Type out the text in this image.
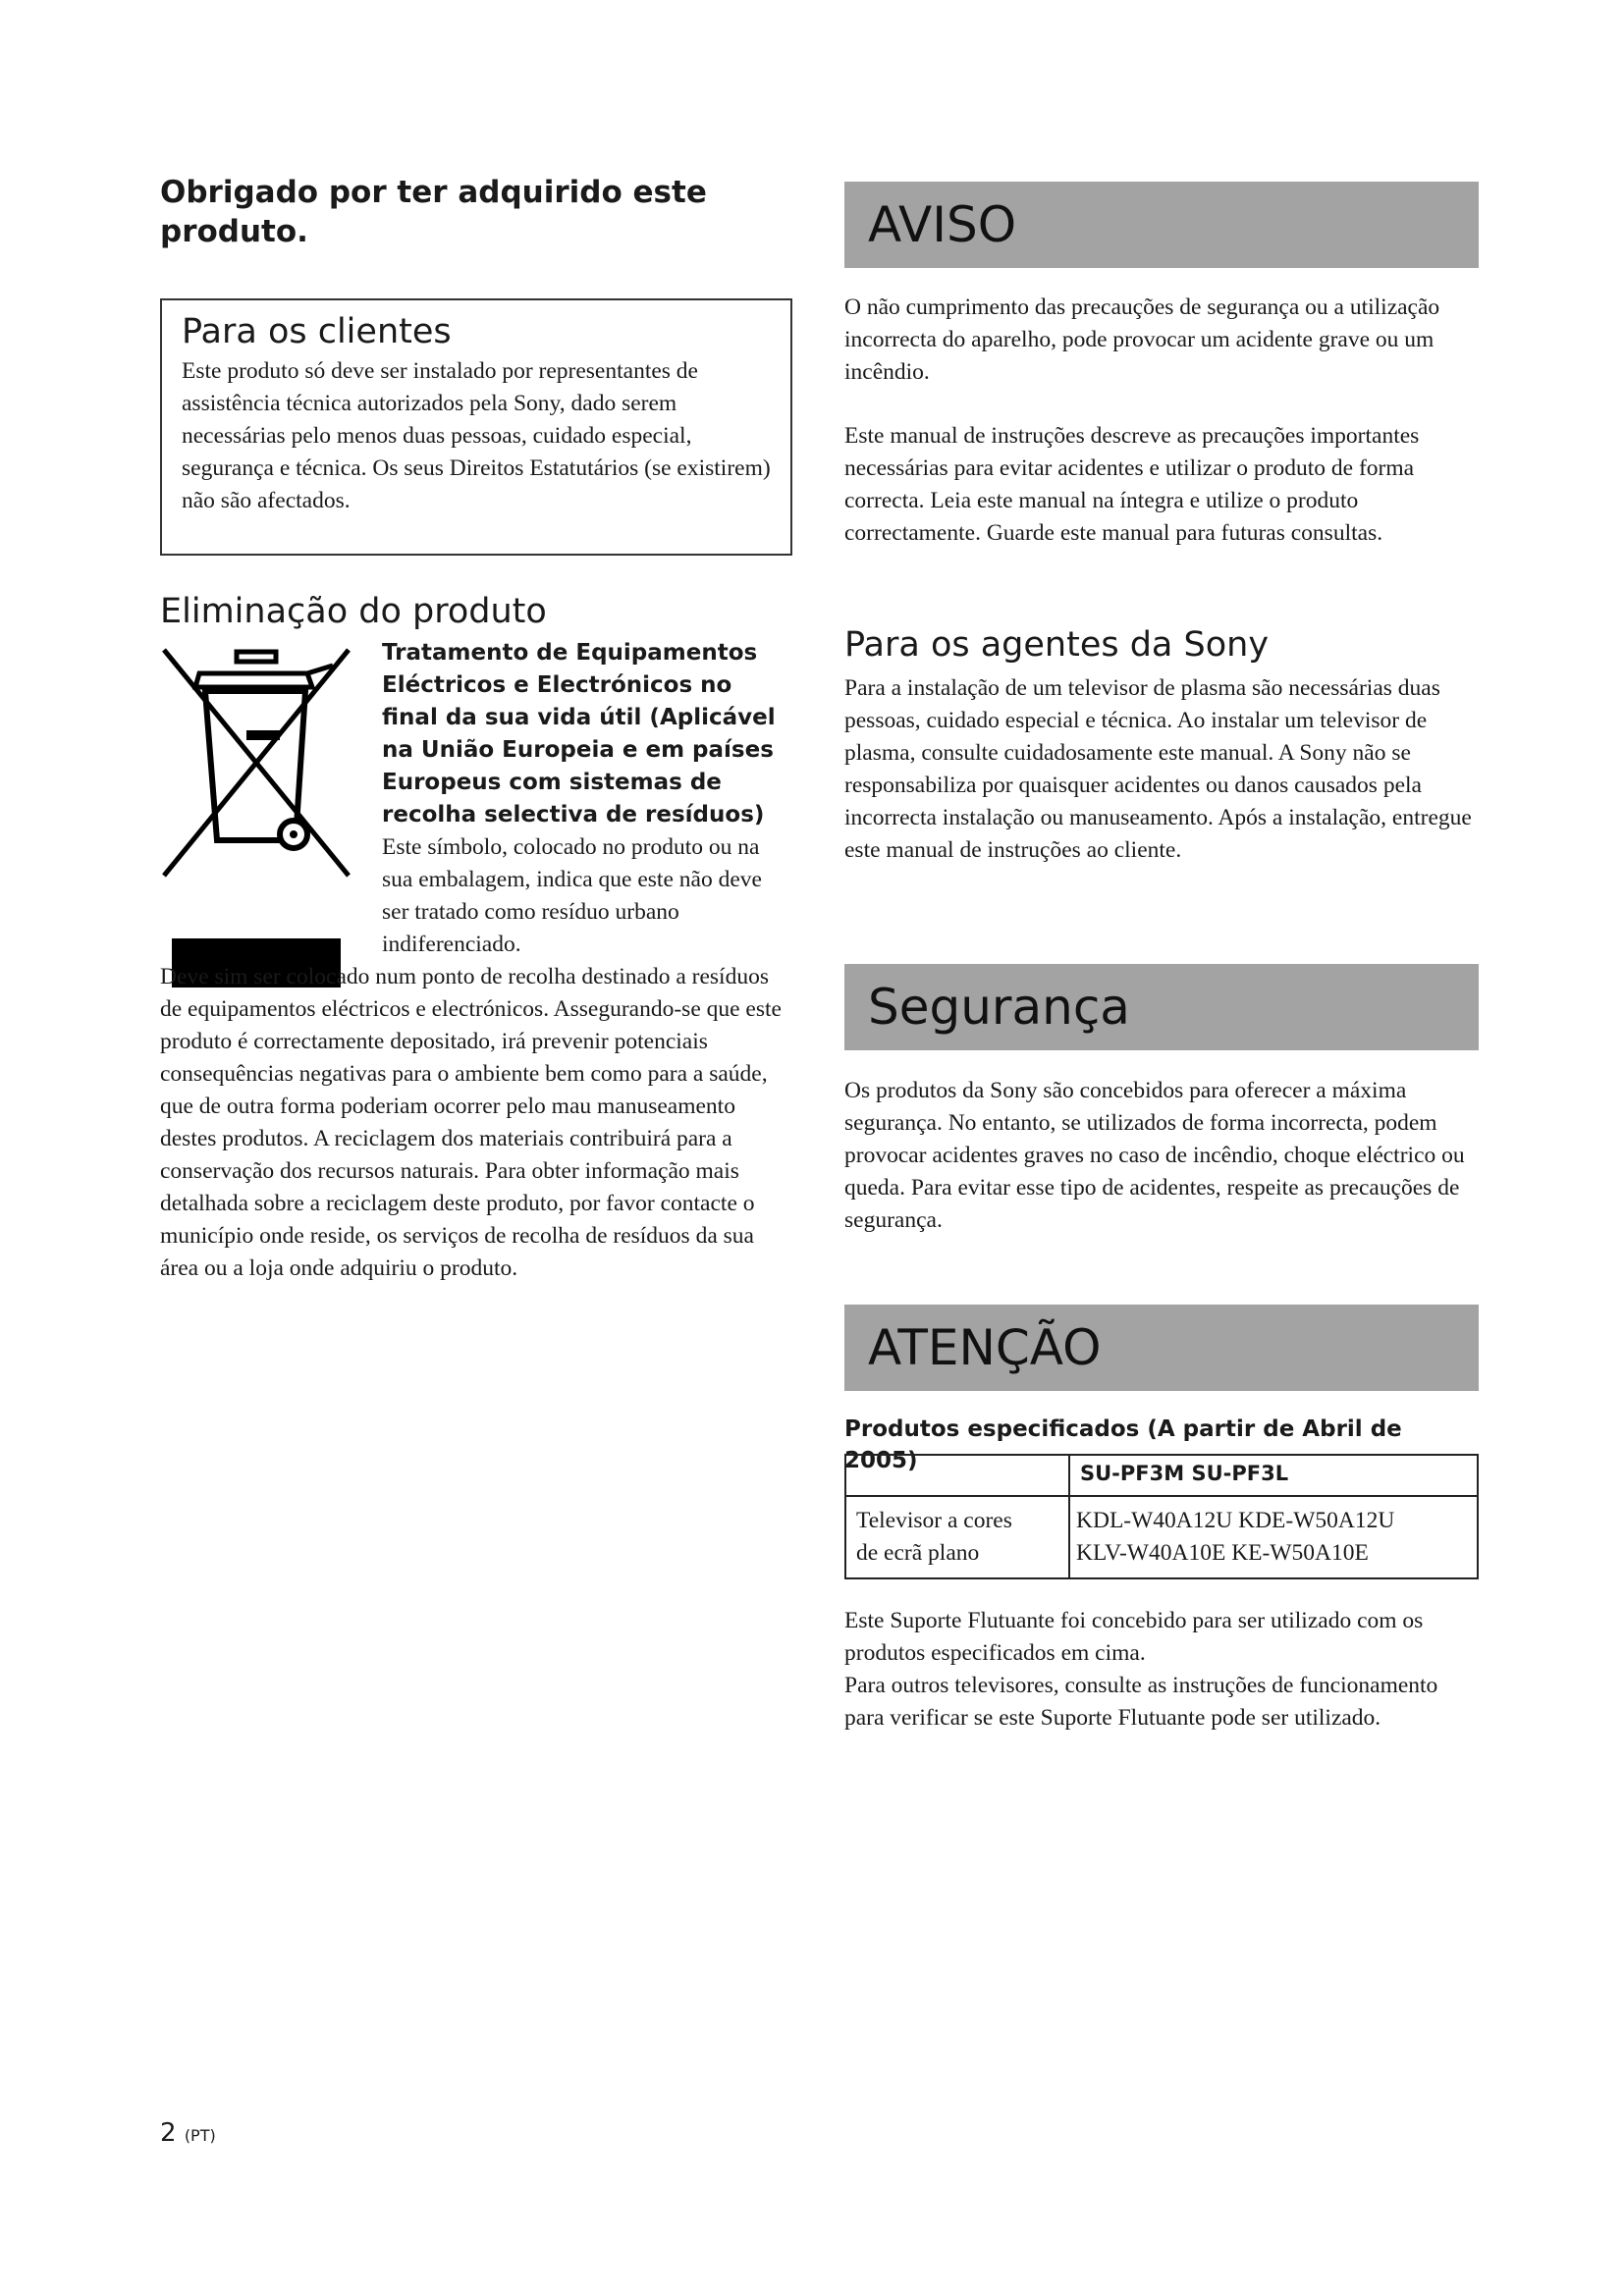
Obrigado por ter adquirido este produto.
Para os clientes

Este produto só deve ser instalado por representantes de assistência técnica autorizados pela Sony, dado serem necessárias pelo menos duas pessoas, cuidado especial, segurança e técnica. Os seus Direitos Estatutários (se existirem) não são afectados.

Eliminação do produto

Tratamento de Equipamentos Eléctricos e Electrónicos no final da sua vida útil (Aplicável na União Europeia e em países Europeus com sistemas de recolha selectiva de resíduos)

Este símbolo, colocado no produto ou na sua embalagem, indica que este não deve ser tratado como resíduo urbano indiferenciado.

Deve sim ser colocado num ponto de recolha destinado a resíduos de equipamentos eléctricos e electrónicos. Assegurando-se que este produto é correctamente depositado, irá prevenir potenciais consequências negativas para o ambiente bem como para a saúde, que de outra forma poderiam ocorrer pelo mau manuseamento destes produtos. A reciclagem dos materiais contribuirá para a conservação dos recursos naturais. Para obter informação mais detalhada sobre a reciclagem deste produto, por favor contacte o município onde reside, os serviços de recolha de resíduos da sua área ou a loja onde adquiriu o produto.

AVISO

O não cumprimento das precauções de segurança ou a utilização incorrecta do aparelho, pode provocar um acidente grave ou um incêndio.

Este manual de instruções descreve as precauções importantes necessárias para evitar acidentes e utilizar o produto de forma correcta. Leia este manual na íntegra e utilize o produto correctamente. Guarde este manual para futuras consultas.

Para os agentes da Sony

Para a instalação de um televisor de plasma são necessárias duas pessoas, cuidado especial e técnica. Ao instalar um televisor de plasma, consulte cuidadosamente este manual. A Sony não se responsabiliza por quaisquer acidentes ou danos causados pela incorrecta instalação ou manuseamento. Após a instalação, entregue este manual de instruções ao cliente.

Segurança

Os produtos da Sony são concebidos para oferecer a máxima segurança. No entanto, se utilizados de forma incorrecta, podem provocar acidentes graves no caso de incêndio, choque eléctrico ou queda. Para evitar esse tipo de acidentes, respeite as precauções de segurança.

ATENÇÃO

Produtos especificados (A partir de Abril de 2005)	SU-PF3M SU-PF3L

Televisor a cores

de ecrã plano

KDL-W40A12U KDE-W50A12U

KLV-W40A10E KE-W50A10E

Este Suporte Flutuante foi concebido para ser utilizado com os produtos especificados em cima.

Para outros televisores, consulte as instruções de funcionamento para verificar se este Suporte Flutuante pode ser utilizado.

2 (PT)
